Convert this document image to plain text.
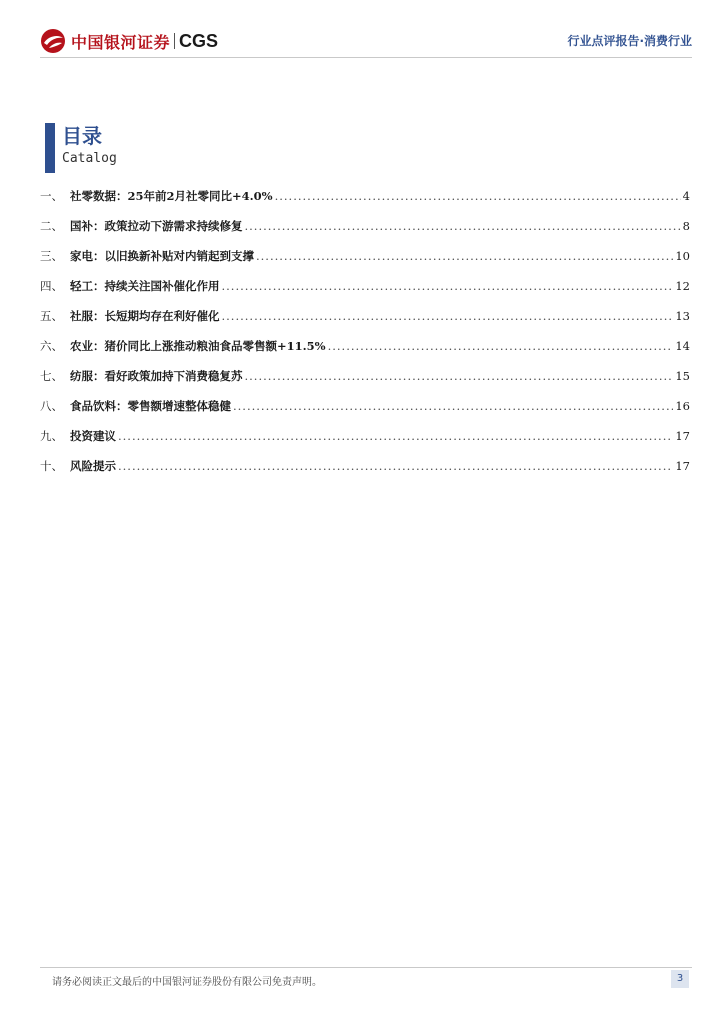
中国银河证券 CGS	行业点评报告·消费行业
目录
Catalog
一、 社零数据：25年前2月社零同比+4.0% .....	4
二、 国补：政策拉动下游需求持续修复 .....	8
三、 家电：以旧换新补贴对内销起到支撑 .....	10
四、 轻工：持续关注国补催化作用 .....	12
五、 社服：长短期均存在利好催化 .....	13
六、 农业：猪价同比上涨推动粮油食品零售额+11.5% .....	14
七、 纺服：看好政策加持下消费稳复苏 .....	15
八、 食品饮料：零售额增速整体稳健 .....	16
九、 投资建议 .....	17
十、 风险提示 .....	17
请务必阅读正文最后的中国银河证券股份有限公司免责声明。	3
